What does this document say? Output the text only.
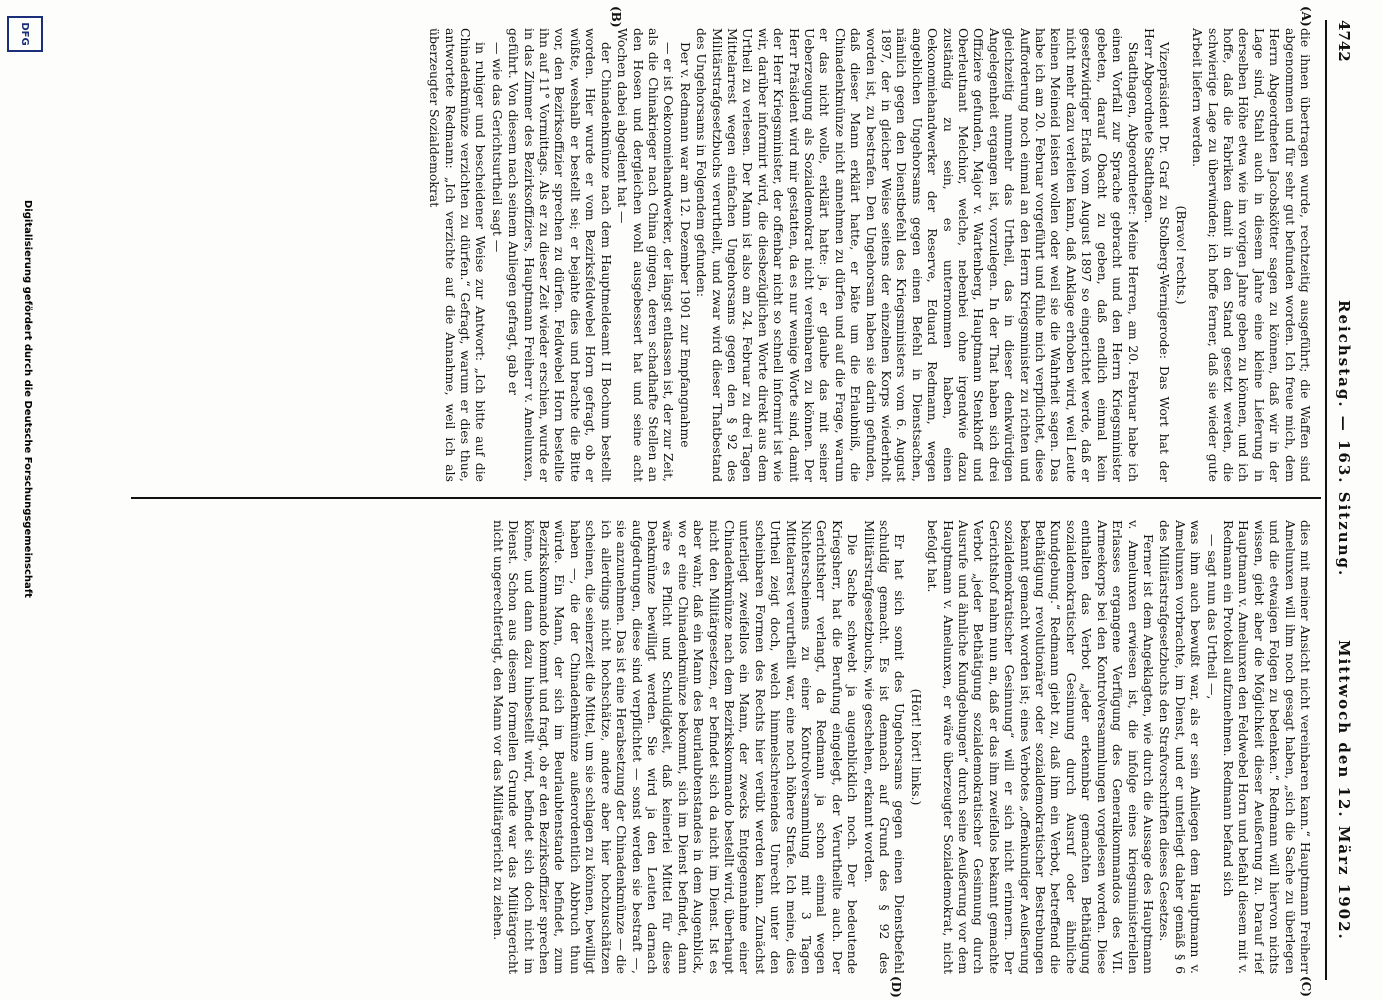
4742
Reichstag. — 163. Sitzung.
Mittwoch den 12. März 1902.
(A)
(B)
(C)
(D)

die ihnen übertragen wurde, rechtzeitig ausgeführt; die Waffen sind abgenommen und für sehr gut befunden worden. Ich freue mich, dem Herrn Abgeordneten Jacobskötter sagen zu können, daß wir in der Lage sind, Stahl auch in diesem Jahre eine kleine Lieferung in derselben Höhe etwa wie im vorigen Jahre geben zu können, und ich hoffe, daß die Fabriken damit in den Stand gesetzt werden, die schwierige Lage zu überwinden; ich hoffe ferner, daß sie wieder gute Arbeit liefern werden.

(Bravo! rechts.)

Vizepräsident Dr. Graf zu Stolberg-Wernigerode: Das Wort hat der Herr Abgeordnete Stadthagen.

Stadthagen, Abgeordneter: Meine Herren, am 20. Februar habe ich einen Vorfall zur Sprache gebracht und den Herrn Kriegsminister gebeten, darauf Obacht zu geben, daß endlich einmal kein gesetzwidriger Erlaß vom August 1897 so eingerichtet werde, daß er nicht mehr dazu verleiten kann, daß Anklage erhoben wird, weil Leute keinen Meineid leisten wollen oder weil sie die Wahrheit sagen. Das habe ich am 20. Februar vorgeführt und fühle mich verpflichtet, diese Aufforderung noch einmal an den Herrn Kriegsminister zu richten und gleichzeitig nunmehr das Urtheil, das in dieser denkwürdigen Angelegenheit ergangen ist, vorzulegen. In der That haben sich drei Offiziere gefunden, Major v. Wartenberg, Hauptmann Stenkhoff und Oberleutnant Melchior, welche, nebenbei ohne irgendwie dazu zuständig zu sein, es unternommen haben, einen Oekonomiehandwerker der Reserve, Eduard Redmann, wegen angeblichen Ungehorsams gegen einen Befehl in Dienstsachen, nämlich gegen den Dienstbefehl des Kriegsministers vom 6. August 1897, der in gleicher Weise seitens der einzelnen Korps wiederholt worden ist, zu bestrafen. Den Ungehorsam haben sie darin gefunden, daß dieser Mann erklärt hatte, er bäte um die Erlaubniß, die Chinadenkmünze nicht annehmen zu dürfen und auf die Frage, warum er das nicht wolle, erklärt hatte: ja, er glaube das mit seiner Ueberzeugung als Sozialdemokrat nicht vereinbaren zu können. Der Herr Präsident wird mir gestatten, da es nur wenige Worte sind, damit der Herr Kriegsminister, der offenbar nicht so schnell informirt ist wie wir, darüber informirt wird, die diesbezüglichen Worte direkt aus dem Urtheil zu verlesen. Der Mann ist also am 24. Februar zu drei Tagen Mittelarrest wegen einfachen Ungehorsams gegen den § 92 des Militärstrafgesetzbuchs verurtheilt, und zwar wird dieser Thatbestand des Ungehorsams in Folgendem gefunden:

Der v. Redmann war am 12. Dezember 1901 zur Empfangnahme

— er ist Oekonomiehandwerker, der längst entlassen ist, der zur Zeit, als die Chinakrieger nach China gingen, deren schadhafte Stellen an den Hosen und dergleichen wohl ausgebessert hat und seine acht Wochen dabei abgedient hat —

der Chinadenkmünze nach dem Hauptmeldeamt II Bochum bestellt worden. Hier wurde er vom Bezirksfeldwebel Horn gefragt, ob er wüßte, weshalb er bestellt sei; er bejahte dies und brachte die Bitte vor, den Bezirksoffizier sprechen zu dürfen. Feldwebel Horn bestellte ihn auf 11° Vormittags. Als er zu dieser Zeit wieder erschien, wurde er in das Zimmer des Bezirksoffiziers, Hauptmann Freiherr v. Amelunxen, geführt. Von diesem nach seinem Anliegen gefragt, gab er

— wie das Gerichtsurtheil sagt —

in ruhiger und bescheidener Weise zur Antwort: „Ich bitte auf die Chinadenkmünze verzichten zu dürfen.“ Gefragt, warum er dies thue, antwortete Redmann: „Ich verzichte auf die Annahme, weil ich als überzeugter Sozialdemokrat

dies mit meiner Ansicht nicht vereinbaren kann.“ Hauptmann Freiherr Amelunxen will ihm noch gesagt haben, „sich die Sache zu überlegen und die etwaigen Folgen zu bedenken.“ Redmann will hiervon nichts wissen, giebt aber die Möglichkeit dieser Aeußerung zu. Darauf rief Hauptmann v. Amelunxen den Feldwebel Horn und befahl diesem mit v. Redmann ein Protokoll aufzunehmen. Redmann befand sich

— sagt nun das Urtheil —,

was ihm auch bewußt war, als er sein Anliegen dem Hauptmann v. Amelunxen vorbrachte, im Dienst, und er unterliegt daher gemäß § 6 des Militärstrafgesetzbuchs den Strafvorschriften dieses Gesetzes.

Ferner ist dem Angeklagten, wie durch die Aussage des Hauptmann v. Amelunxen erwiesen ist, die infolge eines kriegsministeriellen Erlasses ergangene Verfügung des Generalkommandos des VII. Armeekorps bei den Kontrolversammlungen vorgelesen worden. Diese enthalten das Verbot „jeder erkennbar gemachten Bethätigung sozialdemokratischer Gesinnung durch Ausruf oder ähnliche Kundgebung.“ Redmann giebt zu, daß ihm ein Verbot, betreffend die Bethätigung revolutionärer oder sozialdemokratischer Bestrebungen bekannt gemacht worden ist; eines Verbotes „offenkundiger Aeußerung sozialdemokratischer Gesinnung“ will er sich nicht erinnern. Der Gerichtshof nahm nun an, daß er das ihm zweifellos bekannt gemachte Verbot „jeder Bethätigung sozialdemokratischer Gesinnung durch Ausrufe und ähnliche Kundgebungen“ durch seine Aeußerung vor dem Hauptmann v. Amelunxen, er wäre überzeugter Sozialdemokrat, nicht befolgt hat.

(Hört! hört! links.)

Er hat sich somit des Ungehorsams gegen einen Dienstbefehl schuldig gemacht. Es ist demnach auf Grund des § 92 des Militärstrafgesetzbuchs, wie geschehen, erkannt worden.

Die Sache schwebt ja augenblicklich noch. Der bedeutende Kriegsherr, hat die Berufung eingelegt, der Verurtheilte auch. Der Gerichtsherr verlangt, da Redmann ja schon einmal wegen Nichterscheinens zu einer Kontrolversammlung mit 3 Tagen Mittelarrest verurtheilt war, eine noch höhere Strafe. Ich meine, dies Urtheil zeigt doch, welch himmelschreiendes Unrecht unter den scheinbaren Formen des Rechts hier verübt werden kann. Zunächst unterliegt zweifellos ein Mann, der zwecks Entgegennahme einer Chinadenkmünze nach dem Bezirkskommando bestellt wird, überhaupt nicht den Militärgesetzen, er befindet sich da nicht im Dienst. Ist es aber wahr, daß ein Mann des Beurlaubtenstandes in dem Augenblick, wo er eine Chinadenkmünze bekommt, sich im Dienst befindet, dann wäre es Pflicht und Schuldigkeit, daß keinerlei Mittel für diese Denkmünze bewilligt werden. Sie wird ja den Leuten darnach aufgedrungen, diese sind verpflichtet — sonst werden sie bestraft —, sie anzunehmen. Das ist eine Herabsetzung der Chinadenkmünze — die ich allerdings nicht hochschätze, andere aber hier hochzuschätzen scheinen, die seinerzeit die Mittel, um sie schlagen zu können, bewilligt haben —, die der Chinadenkmünze außerordentlich Abbruch thun würde. Ein Mann, der sich im Beurlaubtenstande befindet, zum Bezirkskommando kommt und fragt, ob er den Bezirksoffizier sprechen könne, und dann dazu hinbestellt wird, befindet sich doch nicht im Dienst. Schon aus diesem formellen Grunde war das Militärgericht nicht ungerechtfertigt, den Mann vor das Militärgericht zu ziehen.

DFG
Digitalisierung gefördert durch die Deutsche Forschungsgemeinschaft
